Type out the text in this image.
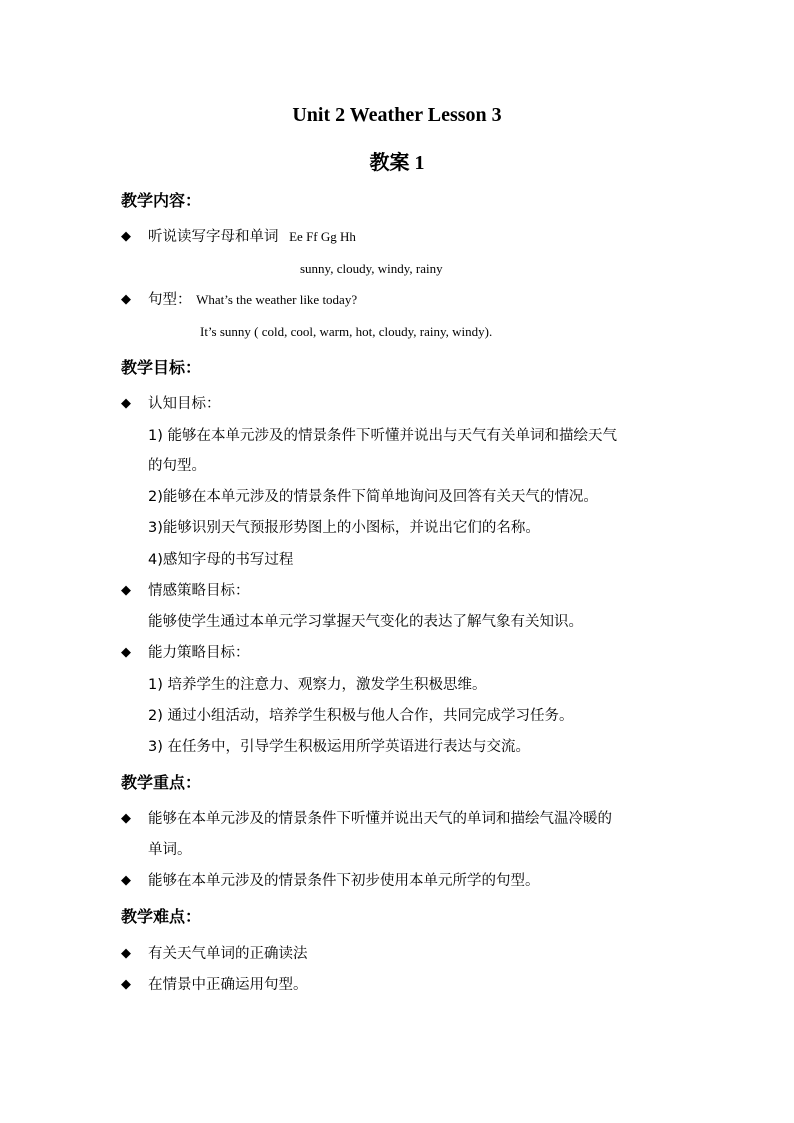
Unit 2 Weather Lesson 3
教案 1
教学内容：
◆ 听说读写字母和单词 Ee Ff Gg Hh
sunny, cloudy, windy, rainy
◆ 句型： What’s the weather like today?
It’s sunny ( cold, cool, warm, hot, cloudy, rainy, windy).
教学目标：
◆ 认知目标：
1) 能够在本单元涉及的情景条件下听懂并说出与天气有关单词和描绘天气
的句型。
2)能够在本单元涉及的情景条件下简单地询问及回答有关天气的情况。
3)能够识别天气预报形势图上的小图标，并说出它们的名称。
4)感知字母的书写过程
◆ 情感策略目标：
能够使学生通过本单元学习掌握天气变化的表达了解气象有关知识。
◆ 能力策略目标：
1) 培养学生的注意力、观察力，激发学生积极思维。
2) 通过小组活动，培养学生积极与他人合作，共同完成学习任务。
3) 在任务中，引导学生积极运用所学英语进行表达与交流。
教学重点：
◆ 能够在本单元涉及的情景条件下听懂并说出天气的单词和描绘气温冷暖的
单词。
◆ 能够在本单元涉及的情景条件下初步使用本单元所学的句型。
教学难点：
◆ 有关天气单词的正确读法
◆ 在情景中正确运用句型。
